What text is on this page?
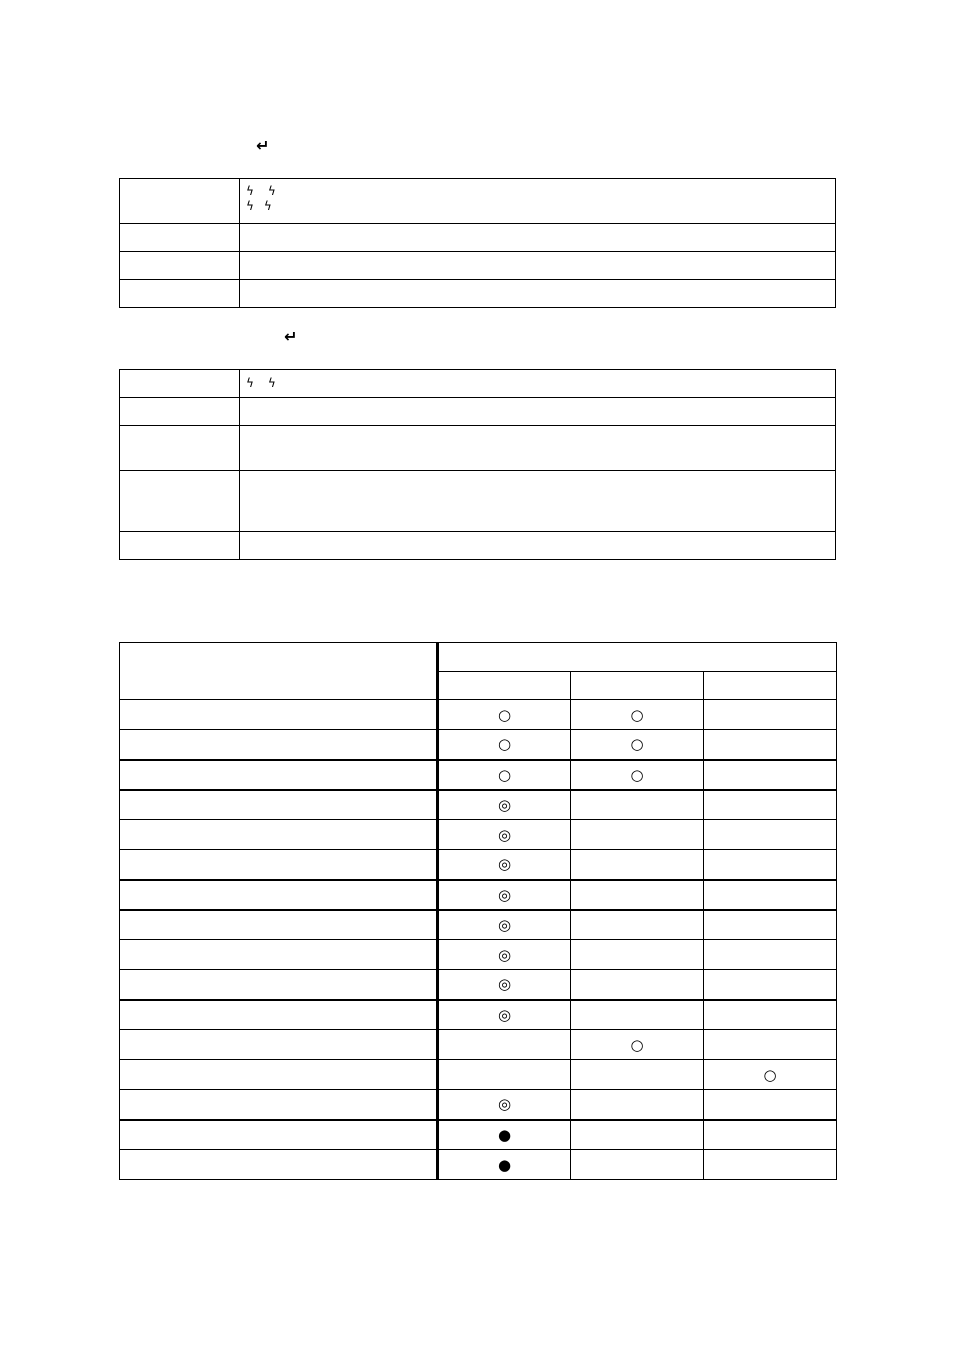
↵

	ϟ ϟ
ϟ ϟ

↵

	ϟ ϟ

	○	○	
	○	○	
	○	○	
	◎		
	◎		
	◎		
	◎		
	◎		
	◎		
	◎		
	◎		
		○	
			○
	◎		
	●		
	●		
